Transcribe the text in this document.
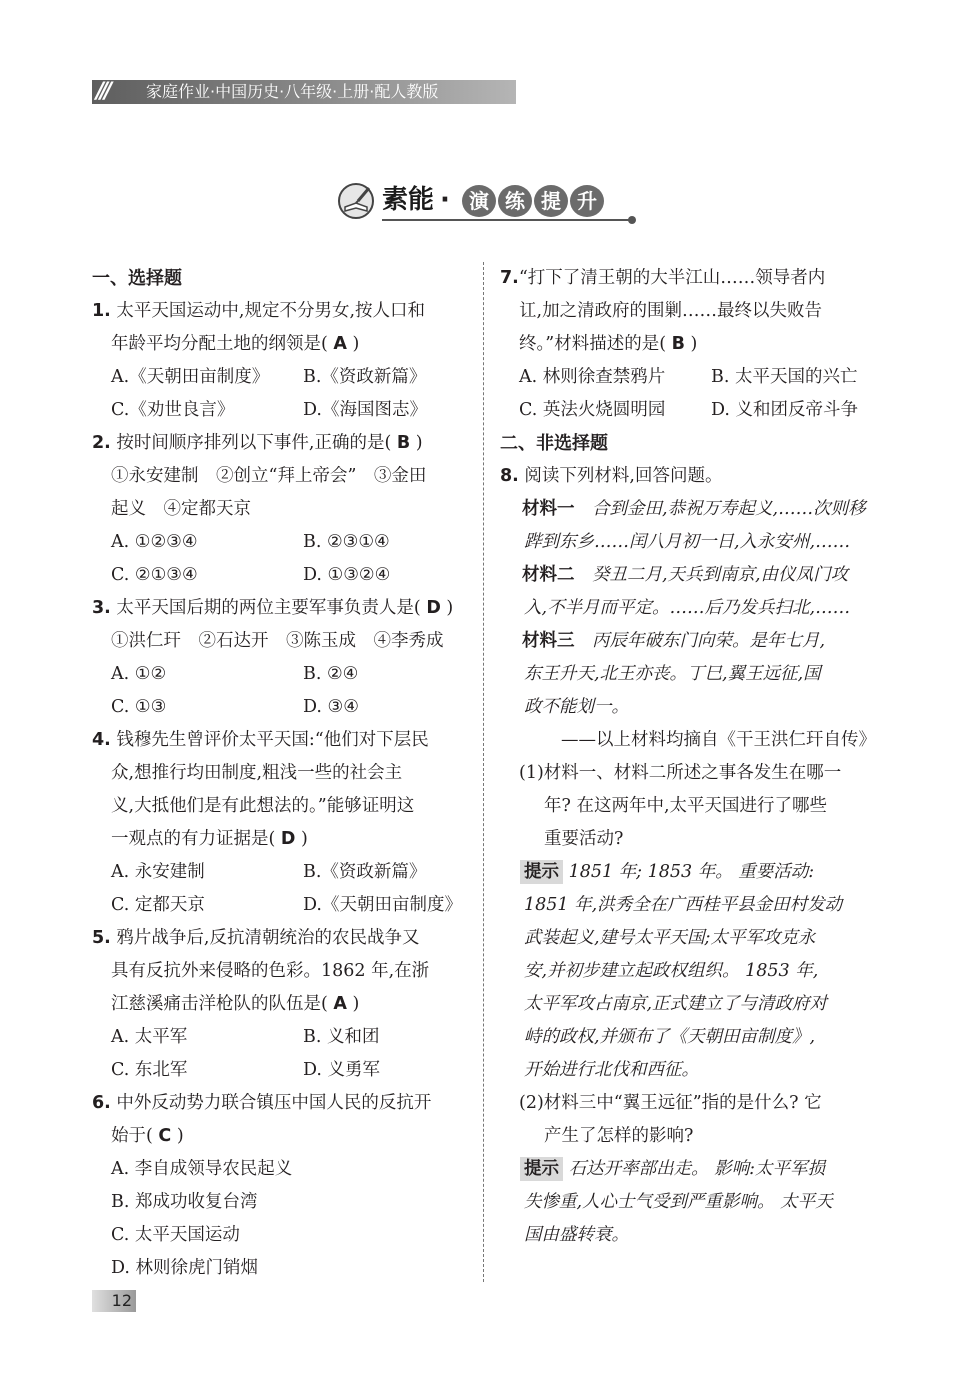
/// 家庭作业·中国历史·八年级·上册·配人教版
素能 · 演 练 提 升
一、选择题
1. 太平天国运动中,规定不分男女,按人口和
年龄平均分配土地的纲领是( A )
A.《天朝田亩制度》	B.《资政新篇》
C.《劝世良言》	D.《海国图志》
2. 按时间顺序排列以下事件,正确的是( B )
①永安建制　②创立“拜上帝会”　③金田
起义　④定都天京
A. ①②③④	B. ②③①④
C. ②①③④	D. ①③②④
3. 太平天国后期的两位主要军事负责人是( D )
①洪仁玕　②石达开　③陈玉成　④李秀成
A. ①②	B. ②④
C. ①③	D. ③④
4. 钱穆先生曾评价太平天国:“他们对下层民
众,想推行均田制度,粗浅一些的社会主
义,大抵他们是有此想法的。”能够证明这
一观点的有力证据是( D )
A. 永安建制	B.《资政新篇》
C. 定都天京	D.《天朝田亩制度》
5. 鸦片战争后,反抗清朝统治的农民战争又
具有反抗外来侵略的色彩。1862 年,在浙
江慈溪痛击洋枪队的队伍是( A )
A. 太平军	B. 义和团
C. 东北军	D. 义勇军
6. 中外反动势力联合镇压中国人民的反抗开
始于( C )
A. 李自成领导农民起义
B. 郑成功收复台湾
C. 太平天国运动
D. 林则徐虎门销烟
7.“打下了清王朝的大半江山……领导者内
讧,加之清政府的围剿……最终以失败告
终。”材料描述的是( B )
A. 林则徐查禁鸦片	B. 太平天国的兴亡
C. 英法火烧圆明园	D. 义和团反帝斗争
二、非选择题
8. 阅读下列材料,回答问题。
材料一　 合到金田,恭祝万寿起义,……次则移
跸到东乡……闰八月初一日,入永安州,……
材料二　 癸丑二月,天兵到南京,由仪凤门攻
入,不半月而平定。……后乃发兵扫北,……
材料三　 丙辰年破东门向荣。是年七月,
东王升天,北王亦丧。丁巳,翼王远征,国
政不能划一。
——以上材料均摘自《干王洪仁玕自传》
(1)材料一、材料二所述之事各发生在哪一
年? 在这两年中,太平天国进行了哪些
重要活动?
提示 1851 年; 1853 年。 重要活动:
1851 年,洪秀全在广西桂平县金田村发动
武装起义,建号太平天国;太平军攻克永
安,并初步建立起政权组织。 1853 年,
太平军攻占南京,正式建立了与清政府对
峙的政权,并颁布了《天朝田亩制度》,
开始进行北伐和西征。
(2)材料三中“翼王远征”指的是什么? 它
产生了怎样的影响?
提示 石达开率部出走。 影响:太平军损
失惨重,人心士气受到严重影响。 太平天
国由盛转衰。
12
